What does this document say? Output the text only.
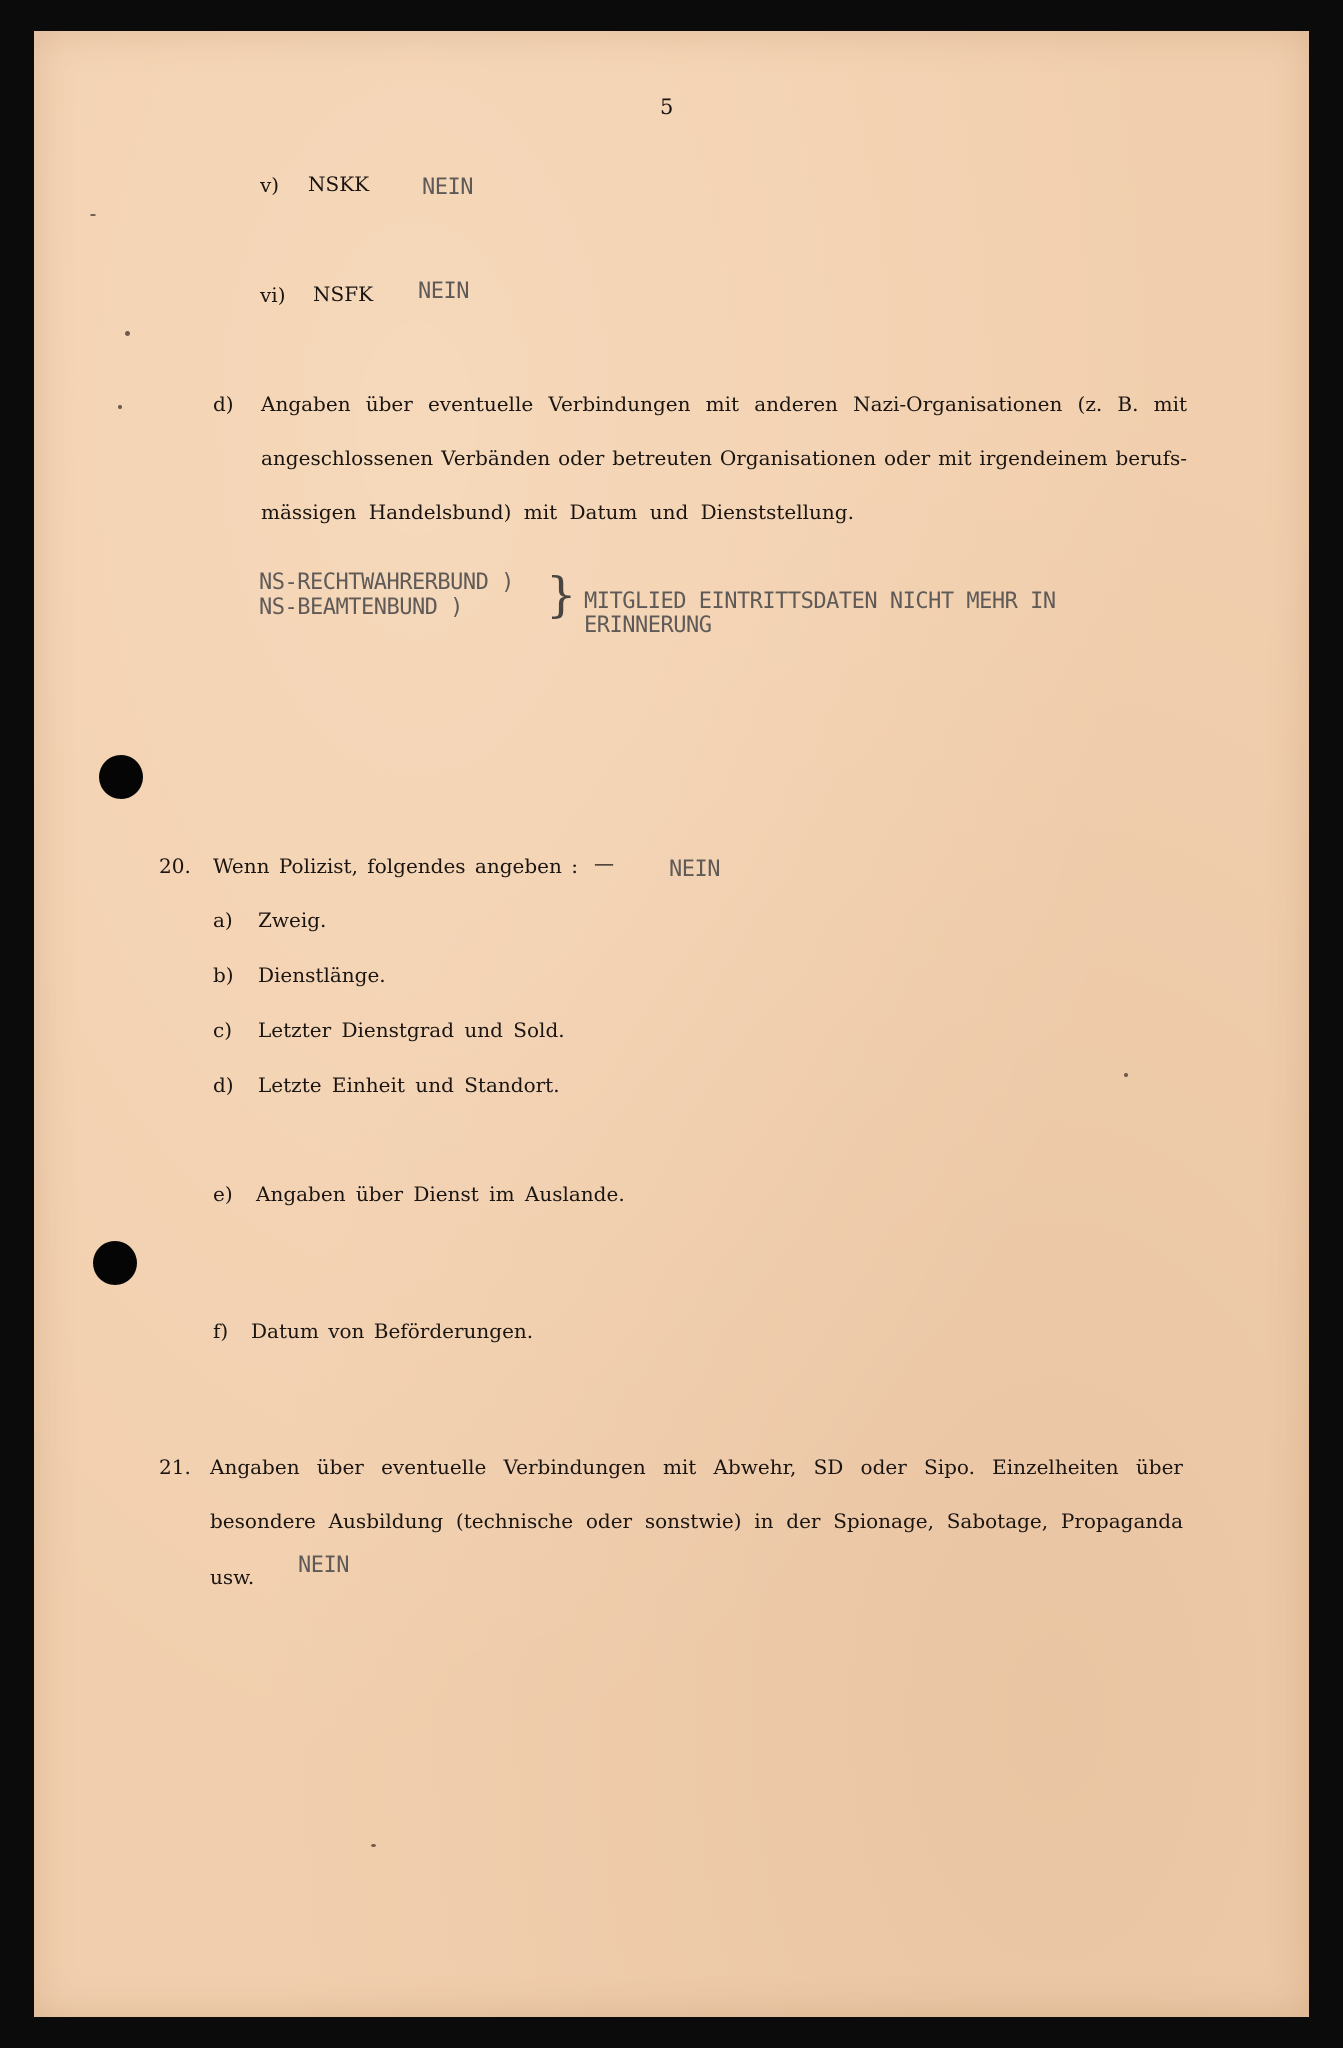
5
v) NSKK NEIN
vi) NSFK NEIN
d) Angaben über eventuelle Verbindungen mit anderen Nazi-Organisationen (z. B. mit
angeschlossenen Verbänden oder betreuten Organisationen oder mit irgendeinem berufs-
mässigen Handelsbund) mit Datum und Dienststellung.
NS-RECHTWAHRERBUND )
NS-BEAMTENBUND ) } MITGLIED EINTRITTSDATEN NICHT MEHR IN
ERINNERUNG
20. Wenn Polizist, folgendes angeben : —	NEIN
a) Zweig.
b) Dienstlänge.
c) Letzter Dienstgrad und Sold.
d) Letzte Einheit und Standort.
e) Angaben über Dienst im Auslande.
f) Datum von Beförderungen.
21. Angaben über eventuelle Verbindungen mit Abwehr, SD oder Sipo. Einzelheiten über
besondere Ausbildung (technische oder sonstwie) in der Spionage, Sabotage, Propaganda
usw. NEIN
